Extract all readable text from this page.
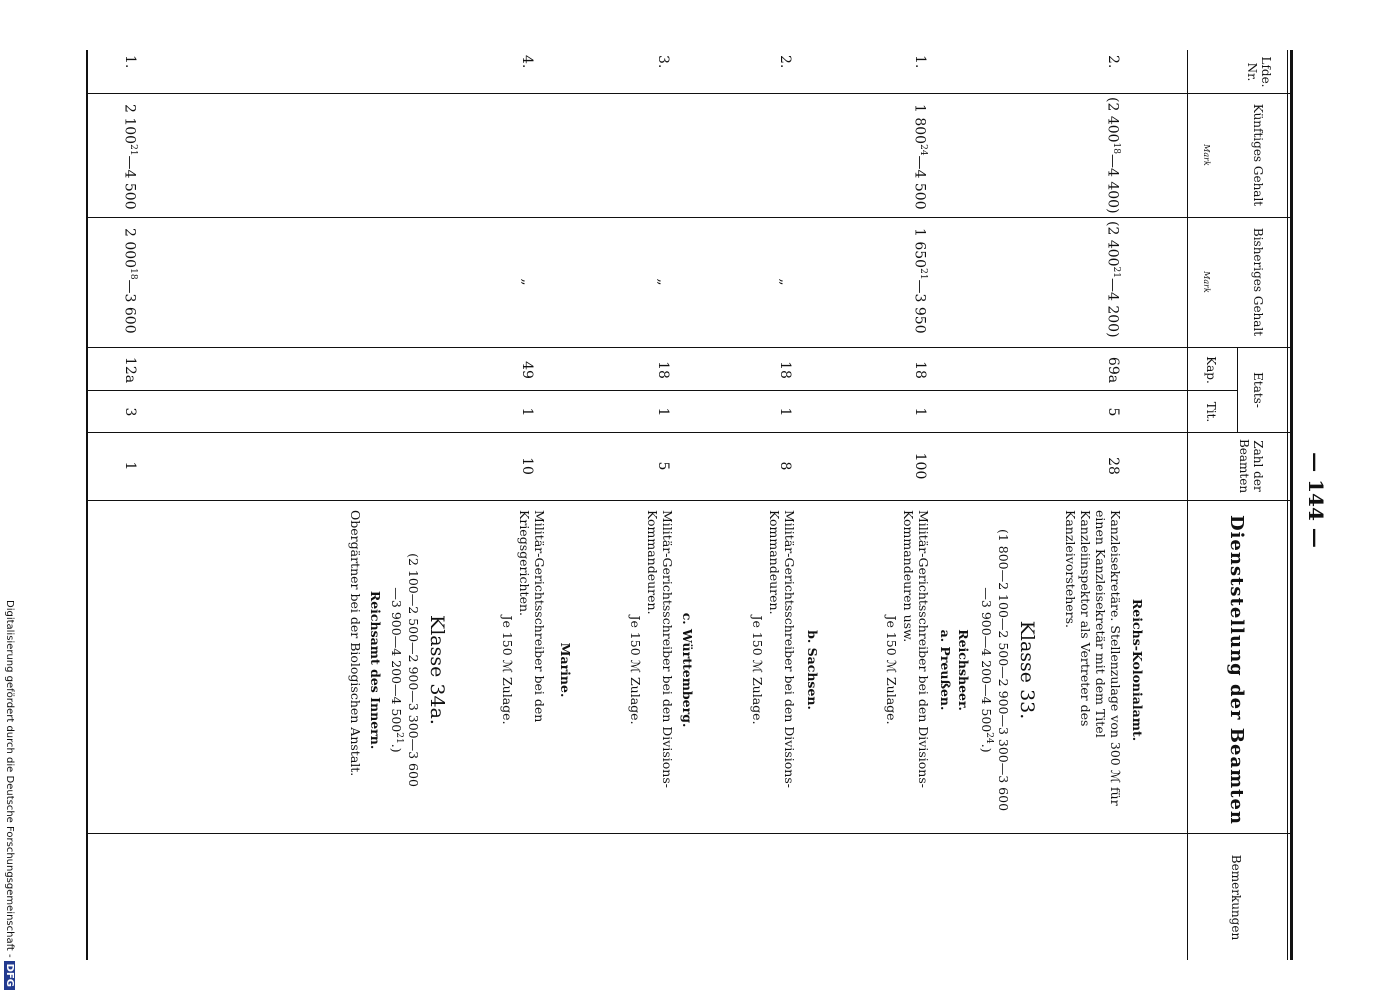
— 144 —
Lfde. Nr.
Künftiges Gehalt
Mark
Bisheriges Gehalt
Mark
Etats-
Kap.
Tit.
Zahl der Beamten
Dienststellung der Beamten
Bemerkungen
2.
(2 $400^{18}—4$ 400)
(2 $400^{21}—4$ 200)
69a
5
28
Reichs-Kolonialamt.
Kanzleisekretäre. Stellenzulage von 300 ℳ für einen Kanzleisekretär mit dem Titel Kanzleiinspektor als Vertreter des Kanzleivorstehers.
Klasse 33.
(1 800—2 100—2 500—2 900—3 300—3 600
—3 900—4 200—4 $500^{24}$.)
Reichsheer.
a. Preußen.
1.
1 $800^{24}—4$ 500
1 $650^{21}—3$ 950
18
1
100
Militär-Gerichtsschreiber bei den Divisions-Kommandeuren usw.
Je 150 ℳ Zulage.
b. Sachsen.
2.
„
18
1
8
Militär-Gerichtsschreiber bei den Divisions-Kommandeuren.
Je 150 ℳ Zulage.
c. Württemberg.
3.
„
18
1
5
Militär-Gerichtsschreiber bei den Divisions-Kommandeuren.
Je 150 ℳ Zulage.
Marine.
4.
„
49
1
10
Militär-Gerichtsschreiber bei den Kriegsgerichten.
Je 150 ℳ Zulage.
Klasse 34a.
(2 100—2 500—2 900—3 300—3 600
—3 900—4 200—4 $500^{21}$.)
Reichsamt des Innern.
1.
2 $100^{21}—4$ 500
2 $000^{18}—3$ 600
12a
3
1
Obergärtner bei der Biologischen Anstalt.
Digitalisierung gefördert durch die Deutsche Forschungsgemeinschaft -DFG
